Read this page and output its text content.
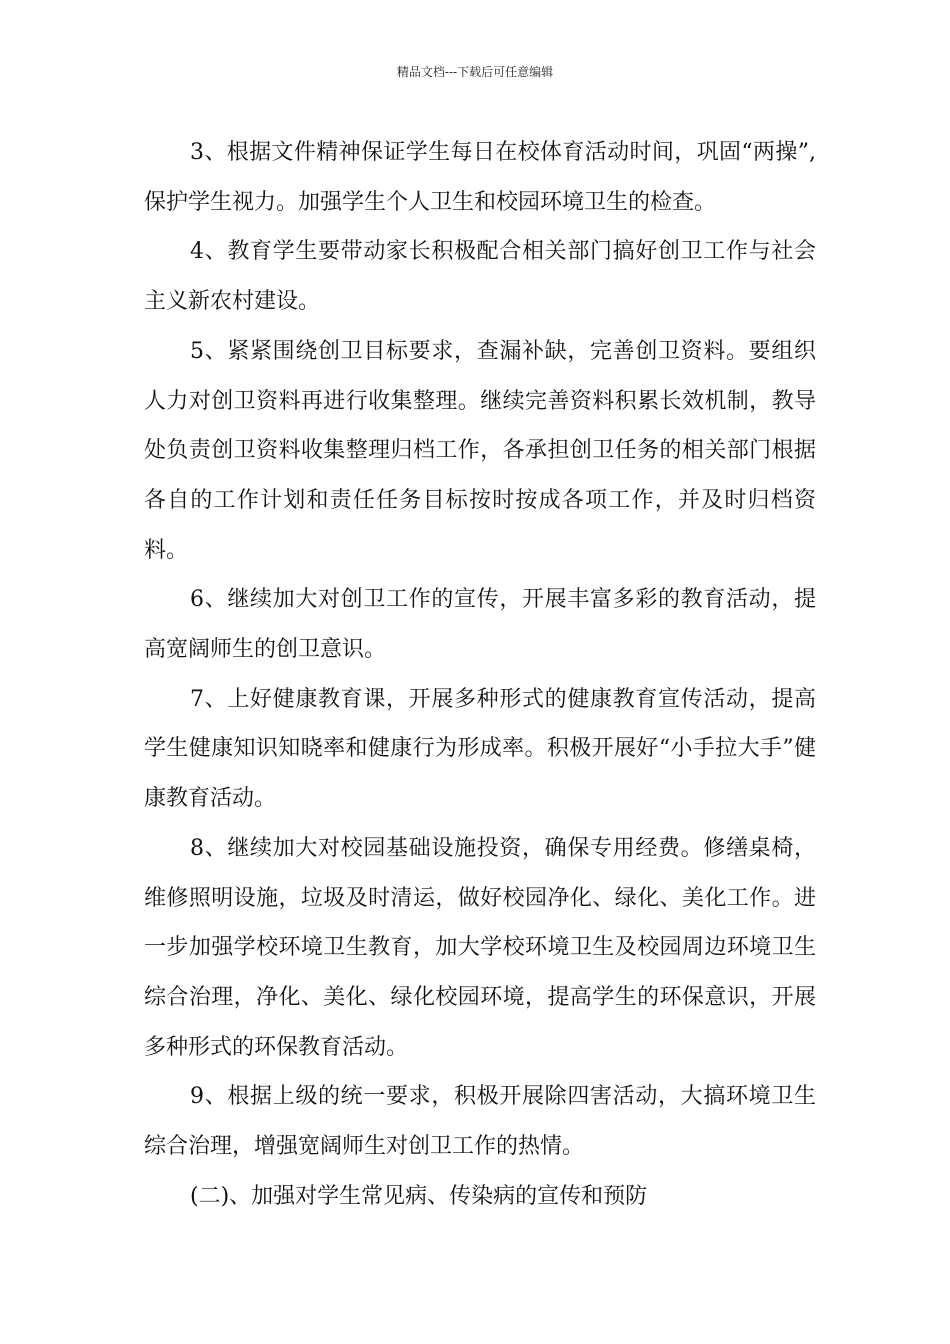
精品文档---下载后可任意编辑

3、根据文件精神保证学生每日在校体育活动时间，巩固“两操”,保护学生视力。加强学生个人卫生和校园环境卫生的检查。

4、教育学生要带动家长积极配合相关部门搞好创卫工作与社会主义新农村建设。

5、紧紧围绕创卫目标要求，查漏补缺，完善创卫资料。要组织人力对创卫资料再进行收集整理。继续完善资料积累长效机制，教导处负责创卫资料收集整理归档工作，各承担创卫任务的相关部门根据各自的工作计划和责任任务目标按时按成各项工作，并及时归档资料。

6、继续加大对创卫工作的宣传，开展丰富多彩的教育活动，提高宽阔师生的创卫意识。

7、上好健康教育课，开展多种形式的健康教育宣传活动，提高学生健康知识知晓率和健康行为形成率。积极开展好“小手拉大手”健康教育活动。

8、继续加大对校园基础设施投资，确保专用经费。修缮桌椅，维修照明设施，垃圾及时清运，做好校园净化、绿化、美化工作。进一步加强学校环境卫生教育，加大学校环境卫生及校园周边环境卫生综合治理，净化、美化、绿化校园环境，提高学生的环保意识，开展多种形式的环保教育活动。

9、根据上级的统一要求，积极开展除四害活动，大搞环境卫生综合治理，增强宽阔师生对创卫工作的热情。

(二)、加强对学生常见病、传染病的宣传和预防
